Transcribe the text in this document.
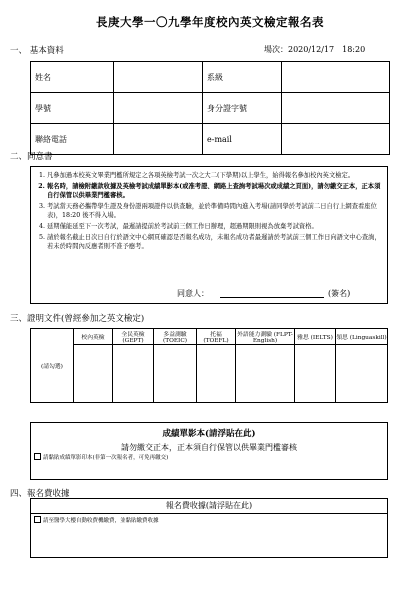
長庚大學一〇九學年度校內英文檢定報名表
一、 基本資料	場次：2020/12/17　18:20
姓名		系級	
學號		身分證字號	
聯絡電話		e-mail	
二、同意書
1. 凡參加過本校英文畢業門檻所規定之各項英檢考試一次之大二(下學期)以上學生，始得報名參加校內英文檢定。
2. 報名時，請檢附繳款收據及英檢考試成績單影本(或准考證、網路上查詢考試場次或成績之頁面)，請勿繳交正本，正本須自行保管以供畢業門檻審核。
3. 考試當天務必攜帶學生證及身份證兩項證件以供查驗，並於準備時間內進入考場(請同學於考試前二日自行上網查看座位表)，18:20 後不得入場。
4. 延期僅能延至下一次考試，最遲請提前於考試前三個工作日辦理，超過期限則視為放棄考試資格。
5. 請於報名截止日次日自行於語文中心網頁確認是否報名成功，未報名成功者最遲請於考試前三個工作日向語文中心查詢，若未於時間內反應者則不准予應考。
同意人：	(簽名)
三、證明文件(曾經參加之英文檢定)
(請勾選)	校內英檢	全民英檢 (GEPT)	多益測驗 (TOEIC)	托福 (TOEFL)	外語能力測驗 (FLPT-English)	雅思 (IELTS)	領思 (Linguaskill)

成績單影本(請浮貼在此)
請勿繳交正本，正本須自行保管以供畢業門檻審核
請黏貼成績單影印本(非第一次報名者，可免再繳交)
四、報名費收據
報名費收據(請浮貼在此)
請至醫學大樓自動收費機繳費，並黏貼繳費收據
